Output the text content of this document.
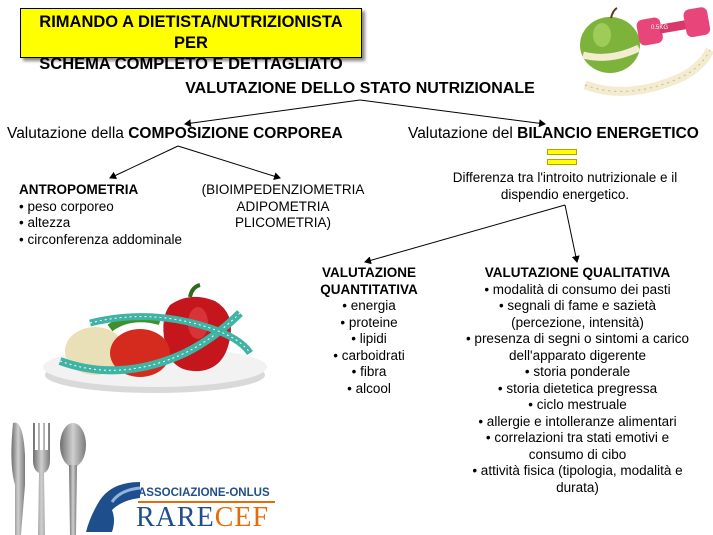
RIMANDO A DIETISTA/NUTRIZIONISTA PER
SCHEMA COMPLETO E DETTAGLIATO
0.5KG
VALUTAZIONE DELLO STATO NUTRIZIONALE
Valutazione della COMPOSIZIONE CORPOREA	Valutazione del BILANCIO ENERGETICO
ANTROPOMETRIA
• peso corporeo
• altezza
• circonferenza addominale
(BIOIMPEDENZIOMETRIA
ADIPOMETRIA
PLICOMETRIA)
Differenza tra l'introito nutrizionale e il
dispendio energetico.
ASSOCIAZIONE-ONLUS
RARECEF
VALUTAZIONE
QUANTITATIVA
• energia
• proteine
• lipidi
• carboidrati
• fibra
• alcool
VALUTAZIONE QUALITATIVA
• modalità di consumo dei pasti
• segnali di fame e sazietà
(percezione, intensità)
• presenza di segni o sintomi a carico
dell'apparato digerente
• storia ponderale
• storia dietetica pregressa
• ciclo mestruale
• allergie e intolleranze alimentari
• correlazioni tra stati emotivi e
consumo di cibo
• attività fisica (tipologia, modalità e
durata)
